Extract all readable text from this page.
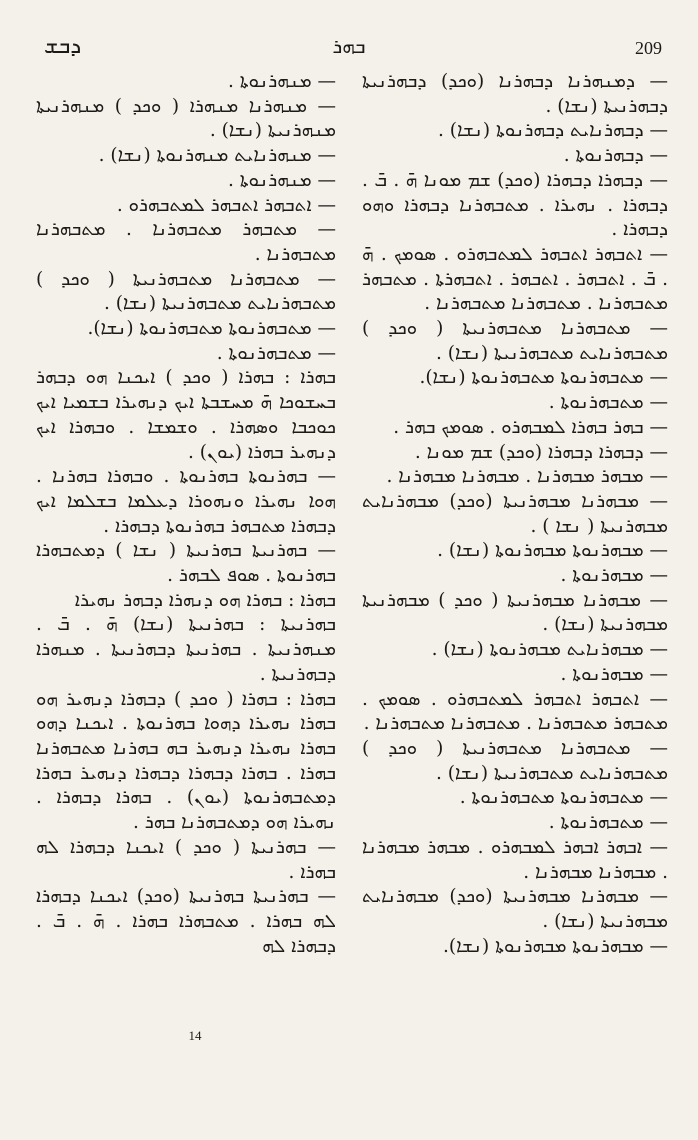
ܕܒܫ	ܒܗܪ	209

— ܡܢܗܪܢܘܬܐ .

— ܡܢܗܪܢܐ ܡܢܗܪܐ ( ܘܟܕ ) ܡܢܗܪܢܝܬܐ ܡܢܗܪܢܝܬܐ (ܢܫܐ) .

— ܡܢܗܪܢܐܝܬ ܡܢܗܪܢܘܬܐ (ܢܫܐ) .

— ܡܢܗܪܢܘܬܐ .

— ܐܬܒܗܪ ܐܬܒܗܪ ܠܡܬܒܗܪܘ .

— ܡܬܒܗܪ ܡܬܒܗܪܢܐ . ܡܬܒܗܪܢܐ ܡܬܒܗܪܢܐ .

— ܡܬܒܗܪܢܐ ܡܬܒܗܪܢܝܬܐ ( ܘܟܕ ) ܡܬܒܗܪܢܐܝܬ ܡܬܒܗܪܢܝܬܐ (ܢܫܐ) .

— ܡܬܒܗܪܢܘܬܐ ܡܬܒܗܪܢܘܬܐ (ܢܫܐ).

— ܡܬܒܗܪܢܘܬܐ .

ܒܗܪܐ : ܒܗܪܐ ( ܘܟܕ ) ܐܝܟܢܐ ܗܘ ܕܒܗܪ ܒܚܫܘܟܐ ܗ̄ ܡܚܫܒܬܐ ܐܝܟ ܕܢܗܝܪܐ ܒܫܡܝܐ ܐܝܟ ܟܘܟܒܐ ܘܣܗܪܐ . ܘܫܡܫܐ . ܘܒܗܪܐ ܐܝܟ ܕܢܗܝܪ ܒܗܪܐ (ܝܘܢ) .

— ܒܗܪܢܘܬܐ ܒܗܪܢܘܬܐ . ܘܒܗܪܐ ܒܗܪܢܐ . ܗܘܐ ܢܗܝܪܐ ܘܢܗܘܪܐ ܕܥܠܡܐ ܒܫܠܡܐ ܐܝܟ ܕܒܗܪܐ ܡܬܒܗܪ ܒܗܪܢܘܬܐ ܕܒܗܪܐ .

— ܒܗܪܢܝܬܐ ܒܗܪܢܝܬܐ ( ܢܫܐ ) ܕܡܬܒܗܪܐ ܒܗܪܢܘܬܐ . ܣܘܦ ܠܒܗܪ .

ܒܗܪܐ : ܒܗܪܐ ܗܘ ܕܢܗܪܐ ܕܒܗܪ ܢܗܝܪܐ

ܒܗܪܢܝܬܐ : ܒܗܪܢܝܬܐ (ܢܫܐ) ܗ̄ . ܒ̄ . ܡܢܗܪܢܝܬܐ . ܒܗܪܢܝܬܐ ܕܒܗܪܢܝܬܐ . ܡܢܗܪܐ ܕܒܗܪܢܝܬܐ .

ܒܗܪܐ : ܒܗܪܐ ( ܘܟܕ ) ܕܒܗܪܐ ܕܢܗܝܪ ܗܘ ܒܗܪܐ ܢܗܝܪܐ ܕܗܘܐ ܒܗܪܢܘܬܐ . ܐܝܟܢܐ ܕܗܘ ܒܗܪܐ ܢܗܝܪܐ ܕܢܗܝܪ ܒܗ ܒܗܪܢܐ ܡܬܒܗܪܢܐ ܒܗܪܐ . ܒܗܪܐ ܕܒܗܪܐ ܕܒܗܪܐ ܕܢܗܝܪ ܒܗܪܐ ܕܡܬܒܗܪܢܘܬܐ (ܝܘܢ) . ܒܗܪܐ ܕܒܗܪܐ . ܢܗܝܪܐ ܗܘ ܕܡܬܒܗܪܢܐ ܒܗܪ .

— ܒܗܪܢܝܬܐ ( ܘܟܕ ) ܐܝܟܢܐ ܕܒܗܪܐ ܠܗ ܒܗܪܐ .

— ܒܗܪܢܝܬܐ ܒܗܪܢܝܬܐ (ܘܟܕ) ܐܝܟܢܐ ܕܒܗܪܐ ܠܗ ܒܗܪܐ . ܡܬܒܗܪܐ ܒܗܪܐ . ܗ̄ . ܒ̄ . ܕܒܗܪܐ ܠܗ

— ܕܡܢܗܪܢܐ ܕܒܗܪܢܐ (ܘܟܕ) ܕܒܗܪܢܝܬܐ ܕܒܗܪܢܝܬܐ (ܢܫܐ) .

— ܕܒܗܪܢܐܝܬ ܕܒܗܪܢܘܬܐ (ܢܫܐ) .

— ܕܒܗܪܢܘܬܐ .

— ܕܒܗܪܐ ܕܒܗܪܐ (ܘܟܕ) ܫܡ ܡܘܢܐ ܗ̄ . ܒ̄ . ܕܒܗܪܐ . ܢܗܝܪܐ . ܡܬܒܗܪܢܐ ܕܒܗܪܐ ܘܗܘ ܕܒܗܪܐ .

— ܐܬܒܗܪ ܐܬܒܗܪ ܠܡܬܒܗܪܘ . ܣܘܡܟ . ܗ̄ . ܒ̄ . ܐܬܒܗܪ . ܐܬܒܗܪ . ܐܬܒܗܪܬܐ . ܡܬܒܗܪ ܡܬܒܗܪܢܐ . ܡܬܒܗܪܢܐ ܡܬܒܗܪܢܐ .

— ܡܬܒܗܪܢܐ ܡܬܒܗܪܢܝܬܐ ( ܘܟܕ ) ܡܬܒܗܪܢܐܝܬ ܡܬܒܗܪܢܝܬܐ (ܢܫܐ) .

— ܡܬܒܗܪܢܘܬܐ ܡܬܒܗܪܢܘܬܐ (ܢܫܐ).

— ܡܬܒܗܪܢܘܬܐ .

— ܒܗܪ ܒܗܪܐ ܠܡܒܗܪܘ . ܣܘܡܟ ܒܗܪ .

— ܕܒܗܪܐ ܕܒܗܪܐ (ܘܟܕ) ܫܡ ܡܘܢܐ .

— ܡܒܗܪ ܡܒܗܪܢܐ . ܡܒܗܪܢܐ ܡܒܗܪܢܐ .

— ܡܒܗܪܢܐ ܡܒܗܪܢܝܬܐ (ܘܟܕ) ܡܒܗܪܢܐܝܬ ܡܒܗܪܢܝܬܐ ( ܢܫܐ ) .

— ܡܒܗܪܢܘܬܐ ܡܒܗܪܢܘܬܐ (ܢܫܐ) .

— ܡܒܗܪܢܘܬܐ .

— ܡܒܗܪܢܐ ܡܒܗܪܢܝܬܐ ( ܘܟܕ ) ܡܒܗܪܢܝܬܐ ܡܒܗܪܢܝܬܐ (ܢܫܐ) .

— ܡܒܗܪܢܐܝܬ ܡܒܗܪܢܘܬܐ (ܢܫܐ) .

— ܡܒܗܪܢܘܬܐ .

— ܐܬܒܗܪ ܐܬܒܗܪ ܠܡܬܒܗܪܘ . ܣܘܡܟ . ܡܬܒܗܪ ܡܬܒܗܪܢܐ . ܡܬܒܗܪܢܐ ܡܬܒܗܪܢܐ .

— ܡܬܒܗܪܢܐ ܡܬܒܗܪܢܝܬܐ ( ܘܟܕ ) ܡܬܒܗܪܢܐܝܬ ܡܬܒܗܪܢܝܬܐ (ܢܫܐ) .

— ܡܬܒܗܪܢܘܬܐ ܡܬܒܗܪܢܘܬܐ .

— ܡܬܒܗܪܢܘܬܐ .

— ܐܒܗܪ ܐܒܗܪ ܠܡܒܗܪܘ . ܡܒܗܪ ܡܒܗܪܢܐ . ܡܒܗܪܢܐ ܡܒܗܪܢܐ .

— ܡܒܗܪܢܐ ܡܒܗܪܢܝܬܐ (ܘܟܕ) ܡܒܗܪܢܐܝܬ ܡܒܗܪܢܝܬܐ (ܢܫܐ) .

— ܡܒܗܪܢܘܬܐ ܡܒܗܪܢܘܬܐ (ܢܫܐ).

14
